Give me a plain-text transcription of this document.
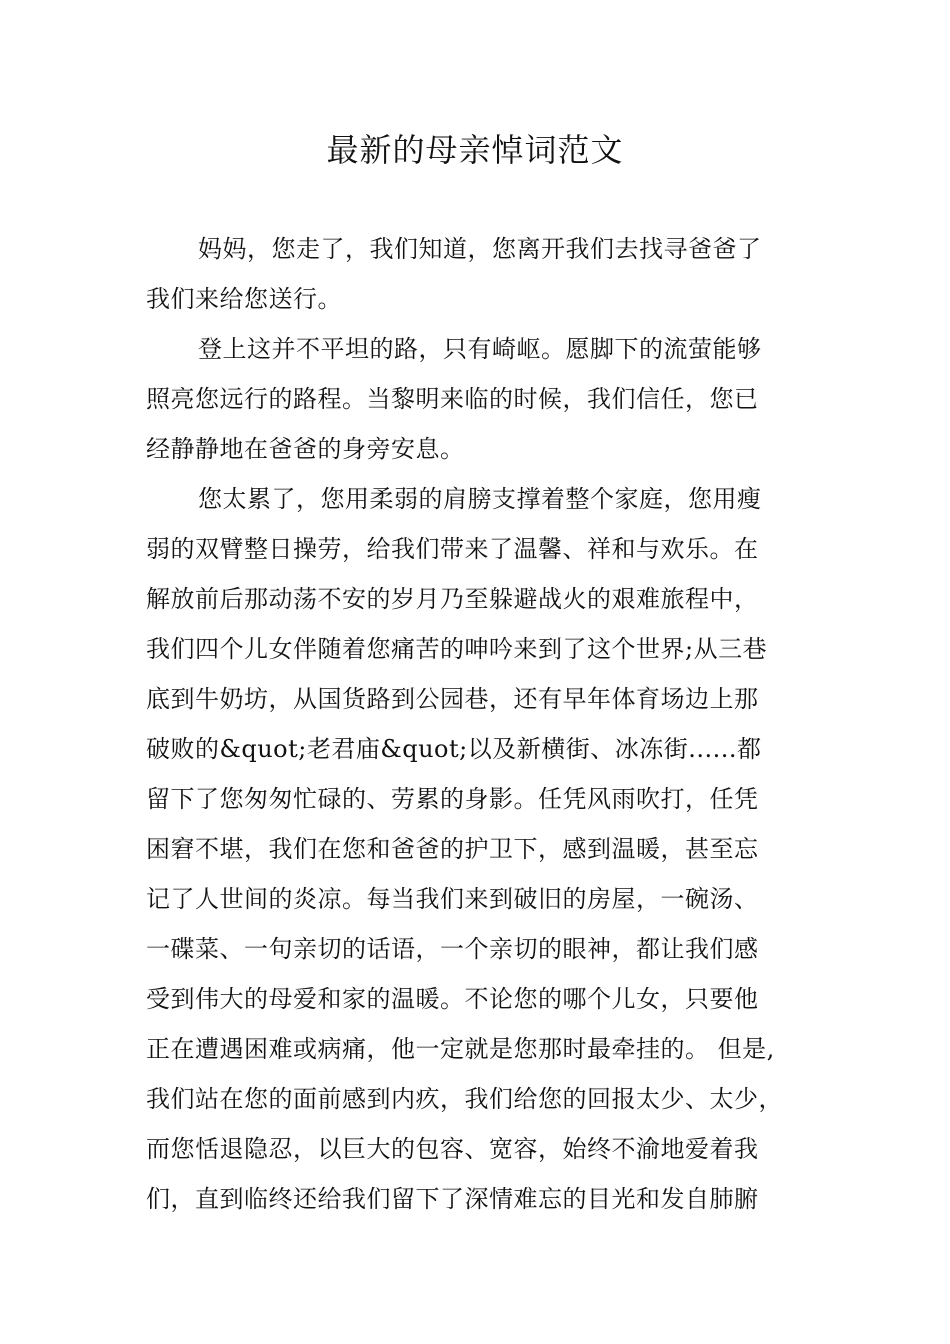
最新的母亲悼词范文
妈妈，您走了，我们知道，您离开我们去找寻爸爸了
我们来给您送行。
登上这并不平坦的路，只有崎岖。愿脚下的流萤能够
照亮您远行的路程。当黎明来临的时候，我们信任，您已
经静静地在爸爸的身旁安息。
您太累了，您用柔弱的肩膀支撑着整个家庭，您用瘦
弱的双臂整日操劳，给我们带来了温馨、祥和与欢乐。在
解放前后那动荡不安的岁月乃至躲避战火的艰难旅程中，
我们四个儿女伴随着您痛苦的呻吟来到了这个世界;从三巷
底到牛奶坊，从国货路到公园巷，还有早年体育场边上那
破败的&quot;老君庙&quot;以及新横街、冰冻街......都
留下了您匆匆忙碌的、劳累的身影。任凭风雨吹打，任凭
困窘不堪，我们在您和爸爸的护卫下，感到温暖，甚至忘
记了人世间的炎凉。每当我们来到破旧的房屋，一碗汤、
一碟菜、一句亲切的话语，一个亲切的眼神，都让我们感
受到伟大的母爱和家的温暖。不论您的哪个儿女，只要他
正在遭遇困难或病痛，他一定就是您那时最牵挂的。 但是,
我们站在您的面前感到内疚，我们给您的回报太少、太少，
而您恬退隐忍，以巨大的包容、宽容，始终不渝地爱着我
们，直到临终还给我们留下了深情难忘的目光和发自肺腑
